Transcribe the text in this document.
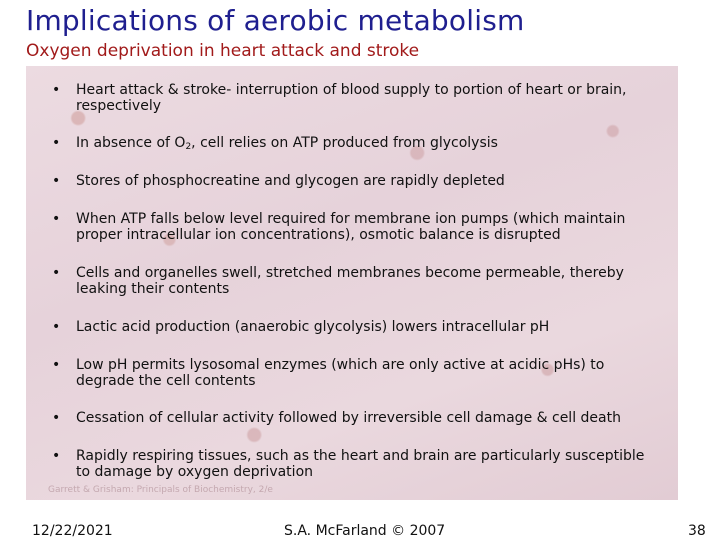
Implications of aerobic metabolism
Oxygen deprivation in heart attack and stroke
Garrett & Grisham: Principals of Biochemistry, 2/e
• Heart attack & stroke- interruption of blood supply to portion of heart or brain, respectively
• In absence of $O_2$, cell relies on ATP produced from glycolysis
• Stores of phosphocreatine and glycogen are rapidly depleted
• When ATP falls below level required for membrane ion pumps (which maintain proper intracellular ion concentrations), osmotic balance is disrupted
• Cells and organelles swell, stretched membranes become permeable, thereby leaking their contents
• Lactic acid production (anaerobic glycolysis) lowers intracellular pH
• Low pH permits lysosomal enzymes (which are only active at acidic pHs) to degrade the cell contents
• Cessation of cellular activity followed by irreversible cell damage & cell death
• Rapidly respiring tissues, such as the heart and brain are particularly susceptible to damage by oxygen deprivation
12/22/2021	S.A. McFarland © 2007	38
